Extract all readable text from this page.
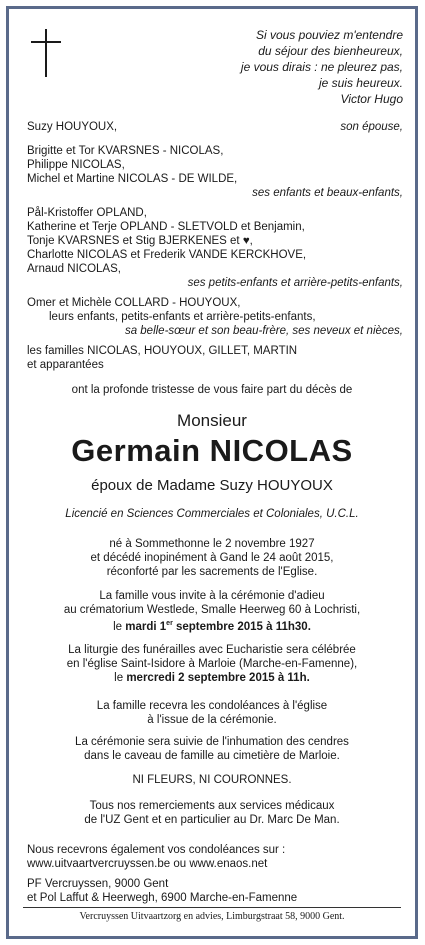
Si vous pouviez m'entendre
du séjour des bienheureux,
je vous dirais : ne pleurez pas,
je suis heureux.
Victor Hugo
Suzy HOUYOUX,	son épouse,
Brigitte et Tor KVARSNES - NICOLAS,
Philippe NICOLAS,
Michel et Martine NICOLAS - DE WILDE,
ses enfants et beaux-enfants,
Pål-Kristoffer OPLAND,
Katherine et Terje OPLAND - SLETVOLD et Benjamin,
Tonje KVARSNES et Stig BJERKENES et ♥,
Charlotte NICOLAS et Frederik VANDE KERCKHOVE,
Arnaud NICOLAS,
ses petits-enfants et arrière-petits-enfants,
Omer et Michèle COLLARD - HOUYOUX,
leurs enfants, petits-enfants et arrière-petits-enfants,
sa belle-sœur et son beau-frère, ses neveux et nièces,
les familles NICOLAS, HOUYOUX, GILLET, MARTIN
et apparantées
ont la profonde tristesse de vous faire part du décès de
Monsieur
Germain NICOLAS
époux de Madame Suzy HOUYOUX
Licencié en Sciences Commerciales et Coloniales, U.C.L.
né à Sommethonne le 2 novembre 1927
et décédé inopinément à Gand le 24 août 2015,
réconforté par les sacrements de l'Eglise.
La famille vous invite à la cérémonie d'adieu
au crématorium Westlede, Smalle Heerweg 60 à Lochristi,
le mardi 1er septembre 2015 à 11h30.
La liturgie des funérailles avec Eucharistie sera célébrée
en l'église Saint-Isidore à Marloie (Marche-en-Famenne),
le mercredi 2 septembre 2015 à 11h.
La famille recevra les condoléances à l'église
à l'issue de la cérémonie.
La cérémonie sera suivie de l'inhumation des cendres
dans le caveau de famille au cimetière de Marloie.
NI FLEURS, NI COURONNES.
Tous nos remerciements aux services médicaux
de l'UZ Gent et en particulier au Dr. Marc De Man.
Nous recevrons également vos condoléances sur :
www.uitvaartvercruyssen.be ou www.enaos.net
PF Vercruyssen, 9000 Gent
et Pol Laffut & Heerwegh, 6900 Marche-en-Famenne
Vercruyssen Uitvaartzorg en advies, Limburgstraat 58, 9000 Gent.
